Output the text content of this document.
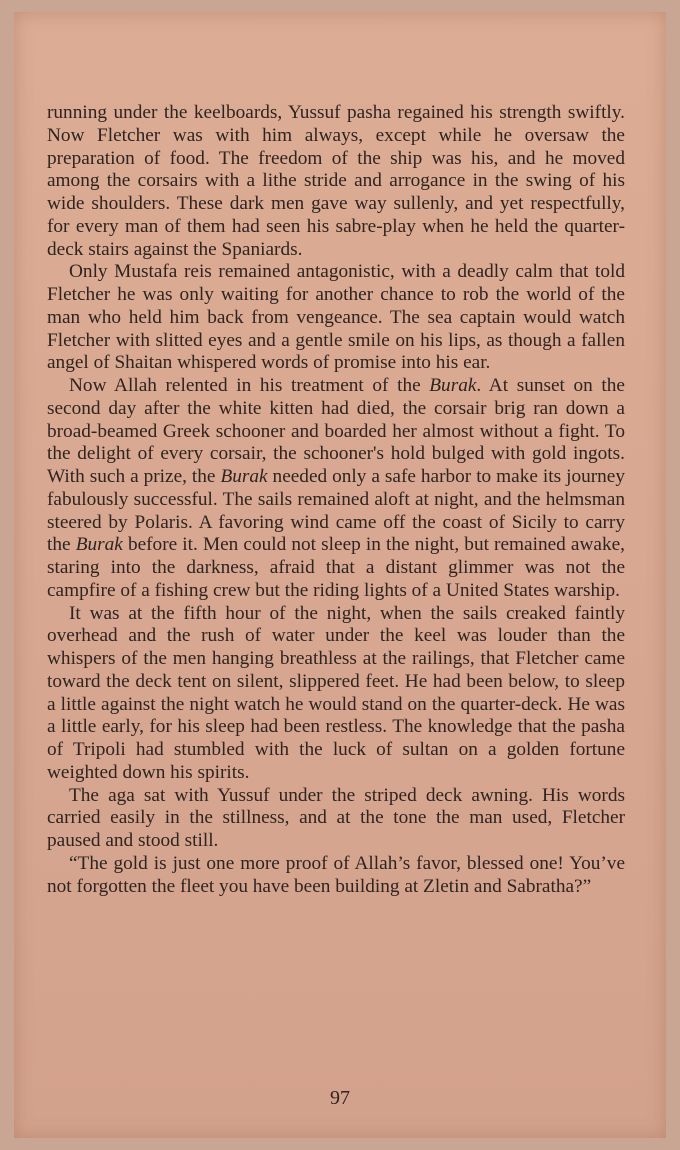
running under the keelboards, Yussuf pasha regained his strength swiftly. Now Fletcher was with him always, except while he oversaw the preparation of food. The freedom of the ship was his, and he moved among the corsairs with a lithe stride and arrogance in the swing of his wide shoulders. These dark men gave way sullenly, and yet respectfully, for every man of them had seen his sabre-play when he held the quarter-deck stairs against the Spaniards.

Only Mustafa reis remained antagonistic, with a deadly calm that told Fletcher he was only waiting for another chance to rob the world of the man who held him back from vengeance. The sea captain would watch Fletcher with slitted eyes and a gentle smile on his lips, as though a fallen angel of Shaitan whispered words of promise into his ear.

Now Allah relented in his treatment of the Burak. At sunset on the second day after the white kitten had died, the corsair brig ran down a broad-beamed Greek schooner and boarded her almost without a fight. To the delight of every corsair, the schooner's hold bulged with gold ingots. With such a prize, the Burak needed only a safe harbor to make its journey fabulously successful. The sails remained aloft at night, and the helmsman steered by Polaris. A favoring wind came off the coast of Sicily to carry the Burak before it. Men could not sleep in the night, but remained awake, staring into the darkness, afraid that a distant glimmer was not the campfire of a fishing crew but the riding lights of a United States warship.

It was at the fifth hour of the night, when the sails creaked faintly overhead and the rush of water under the keel was louder than the whispers of the men hanging breathless at the railings, that Fletcher came toward the deck tent on silent, slippered feet. He had been below, to sleep a little against the night watch he would stand on the quarter-deck. He was a little early, for his sleep had been restless. The knowledge that the pasha of Tripoli had stumbled with the luck of sultan on a golden fortune weighted down his spirits.

The aga sat with Yussuf under the striped deck awning. His words carried easily in the stillness, and at the tone the man used, Fletcher paused and stood still.

“The gold is just one more proof of Allah’s favor, blessed one! You’ve not forgotten the fleet you have been building at Zletin and Sabratha?”

97
